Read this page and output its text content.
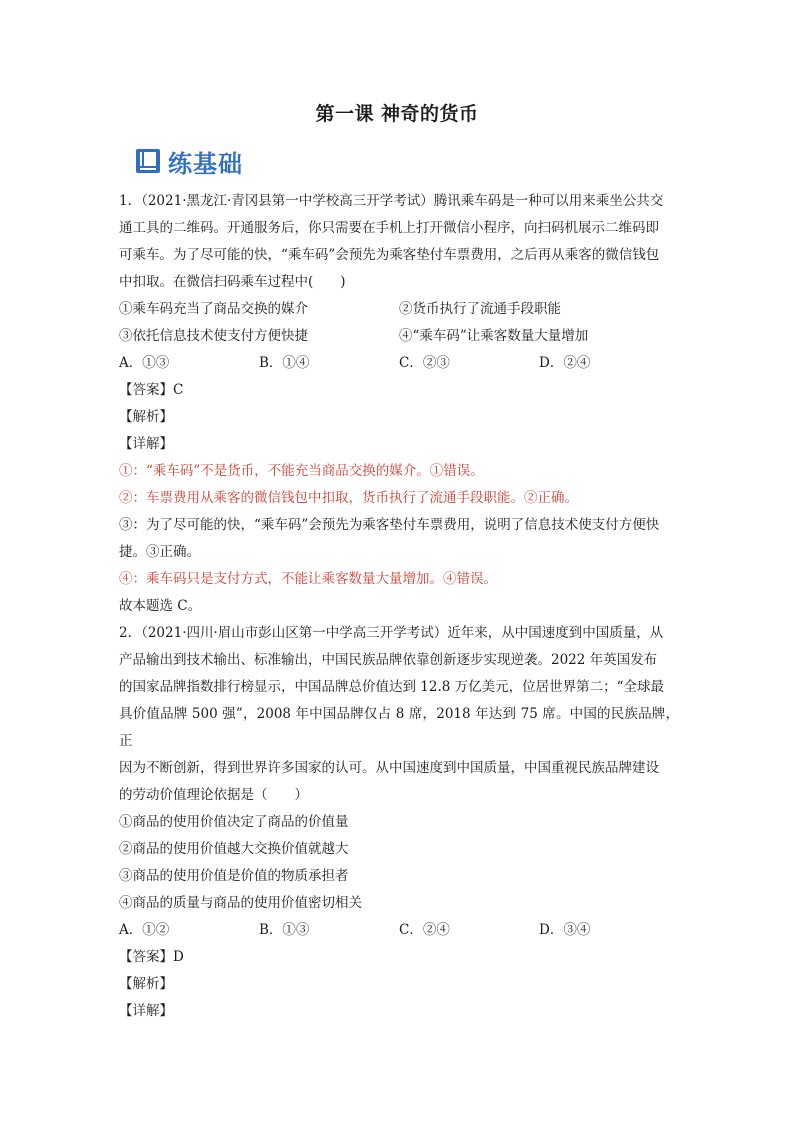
第一课 神奇的货币
练基础

1．（2021·黑龙江·青冈县第一中学校高三开学考试）腾讯乘车码是一种可以用来乘坐公共交

通工具的二维码。开通服务后，你只需要在手机上打开微信小程序，向扫码机展示二维码即

可乘车。为了尽可能的快，“乘车码”会预先为乘客垫付车票费用，之后再从乘客的微信钱包

中扣取。在微信扫码乘车过程中(　　)

①乘车码充当了商品交换的媒介	②货币执行了流通手段职能
③依托信息技术使支付方便快捷	④“乘车码”让乘客数量大量增加
A．①③	B．①④	C．②③	D．②④

【答案】C

【解析】

【详解】

①：“乘车码”不是货币，不能充当商品交换的媒介。①错误。

②：车票费用从乘客的微信钱包中扣取，货币执行了流通手段职能。②正确。

③：为了尽可能的快，“乘车码”会预先为乘客垫付车票费用，说明了信息技术使支付方便快

捷。③正确。

④：乘车码只是支付方式，不能让乘客数量大量增加。④错误。

故本题选 C。

2．（2021·四川·眉山市彭山区第一中学高三开学考试）近年来，从中国速度到中国质量，从

产品输出到技术输出、标准输出，中国民族品牌依靠创新逐步实现逆袭。2022 年英国发布

的国家品牌指数排行榜显示，中国品牌总价值达到 12.8 万亿美元，位居世界第二；“全球最

具价值品牌 500 强”，2008 年中国品牌仅占 8 席，2018 年达到 75 席。中国的民族品牌，正

因为不断创新，得到世界许多国家的认可。从中国速度到中国质量，中国重视民族品牌建设

的劳动价值理论依据是（　　）

①商品的使用价值决定了商品的价值量

②商品的使用价值越大交换价值就越大

③商品的使用价值是价值的物质承担者

④商品的质量与商品的使用价值密切相关

A．①②	B．①③	C．②④	D．③④

【答案】D

【解析】

【详解】
